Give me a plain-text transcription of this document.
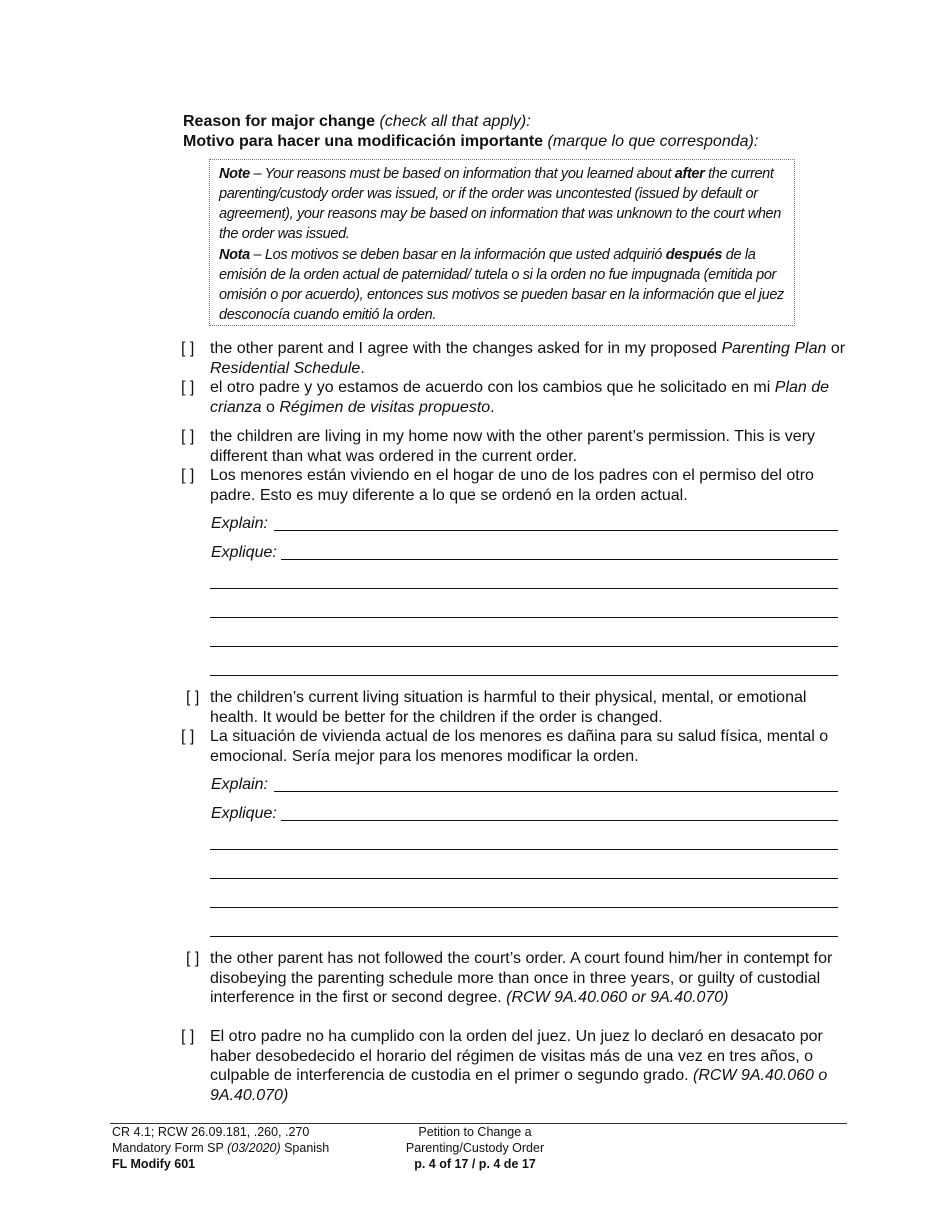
Reason for major change (check all that apply):
Motivo para hacer una modificación importante (marque lo que corresponda):

Note – Your reasons must be based on information that you learned about after the current parenting/custody order was issued, or if the order was uncontested (issued by default or agreement), your reasons may be based on information that was unknown to the court when the order was issued.

Nota – Los motivos se deben basar en la información que usted adquirió después de la emisión de la orden actual de paternidad/ tutela o si la orden no fue impugnada (emitida por omisión o por acuerdo), entonces sus motivos se pueden basar en la información que el juez desconocía cuando emitió la orden.

[ ] the other parent and I agree with the changes asked for in my proposed Parenting Plan or Residential Schedule.
[ ] el otro padre y yo estamos de acuerdo con los cambios que he solicitado en mi Plan de crianza o Régimen de visitas propuesto.
[ ] the children are living in my home now with the other parent’s permission. This is very different than what was ordered in the current order.
[ ] Los menores están viviendo en el hogar de uno de los padres con el permiso del otro padre. Esto es muy diferente a lo que se ordenó en la orden actual.
Explain:
Explique:
[ ] the children’s current living situation is harmful to their physical, mental, or emotional health. It would be better for the children if the order is changed.
[ ] La situación de vivienda actual de los menores es dañina para su salud física, mental o emocional. Sería mejor para los menores modificar la orden.
Explain:
Explique:
[ ] the other parent has not followed the court’s order. A court found him/her in contempt for disobeying the parenting schedule more than once in three years, or guilty of custodial interference in the first or second degree. (RCW 9A.40.060 or 9A.40.070)
[ ] El otro padre no ha cumplido con la orden del juez. Un juez lo declaró en desacato por haber desobedecido el horario del régimen de visitas más de una vez en tres años, o culpable de interferencia de custodia en el primer o segundo grado. (RCW 9A.40.060 o 9A.40.070)
CR 4.1; RCW 26.09.181, .260, .270
Mandatory Form SP (03/2020) Spanish
FL Modify 601
Petition to Change a
Parenting/Custody Order
p. 4 of 17 / p. 4 de 17
